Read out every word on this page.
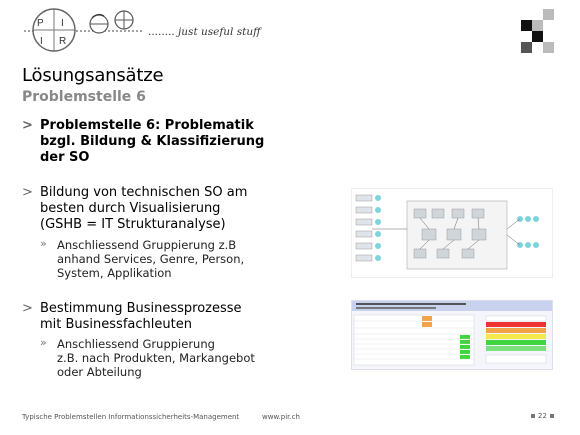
P I
I R
........ just useful stuff
Lösungsansätze
Problemstelle 6
> Problemstelle 6: Problematik
bzgl. Bildung & Klassifizierung
der SO
> Bildung von technischen SO am
besten durch Visualisierung
(GSHB = IT Strukturanalyse)
» Anschliessend Gruppierung z.B
anhand Services, Genre, Person,
System, Applikation
> Bestimmung Businessprozesse
mit Businessfachleuten
» Anschliessend Gruppierung
z.B. nach Produkten, Markangebot
oder Abteilung
Typische Problemstellen Informationssicherheits-Management	www.pir.ch	22
